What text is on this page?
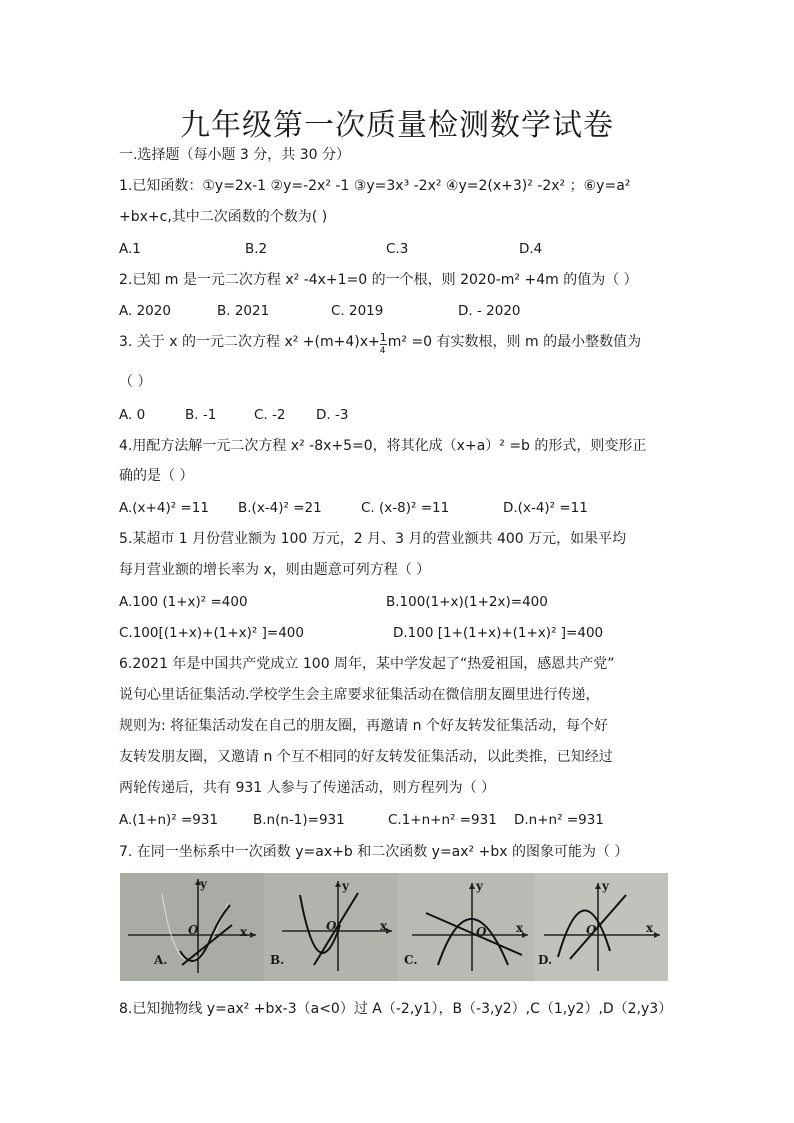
九年级第一次质量检测数学试卷
一.选择题（每小题 3 分，共 30 分）
1.已知函数：①y=2x-1 ②y=-2x² -1 ③y=3x³ -2x² ④y=2(x+3)² -2x² ；⑥y=a²
+bx+c,其中二次函数的个数为( )
A.1	B.2	C.3	D.4
2.已知 m 是一元二次方程 x² -4x+1=0 的一个根，则 2020-m² +4m 的值为（ ）
A. 2020	B. 2021	C. 2019	D. - 2020
3. 关于 x 的一元二次方程 x² +(m+4)x+ 1
4
m² =0 有实数根，则 m 的最小整数值为
（ ）
A. 0	B. -1	C. -2 D. -3
4.用配方法解一元二次方程 x² -8x+5=0，将其化成（x+a）² =b 的形式，则变形正
确的是（ ）
A.(x+4)² =11 B.(x-4)² =21	C. (x-8)² =11	D.(x-4)² =11
5.某超市 1 月份营业额为 100 万元，2 月、3 月的营业额共 400 万元，如果平均
每月营业额的增长率为 x，则由题意可列方程（ ）
A.100 (1+x)² =400	B.100(1+x)(1+2x)=400
C.100[(1+x)+(1+x)² ]=400	D.100 [1+(1+x)+(1+x)² ]=400
6.2021 年是中国共产党成立 100 周年，某中学发起了“热爱祖国，感恩共产党”
说句心里话征集活动.学校学生会主席要求征集活动在微信朋友圈里进行传递，
规则为: 将征集活动发在自己的朋友圈，再邀请 n 个好友转发征集活动，每个好
友转发朋友圈，又邀请 n 个互不相同的好友转发征集活动，以此类推，已知经过
两轮传递后，共有 931 人参与了传递活动，则方程列为（ ）
A.(1+n)² =931	B.n(n-1)=931	C.1+n+n² =931 D.n+n² =931
7. 在同一坐标系中一次函数 y=ax+b 和二次函数 y=ax² +bx 的图象可能为（ ）
y
x
O
A.
y
x
O
B.
y
x
O
C.
y
x
O
D.
8.已知抛物线 y=ax² +bx-3（a<0）过 A（-2,y1），B（-3,y2）,C（1,y2）,D（2,y3）
